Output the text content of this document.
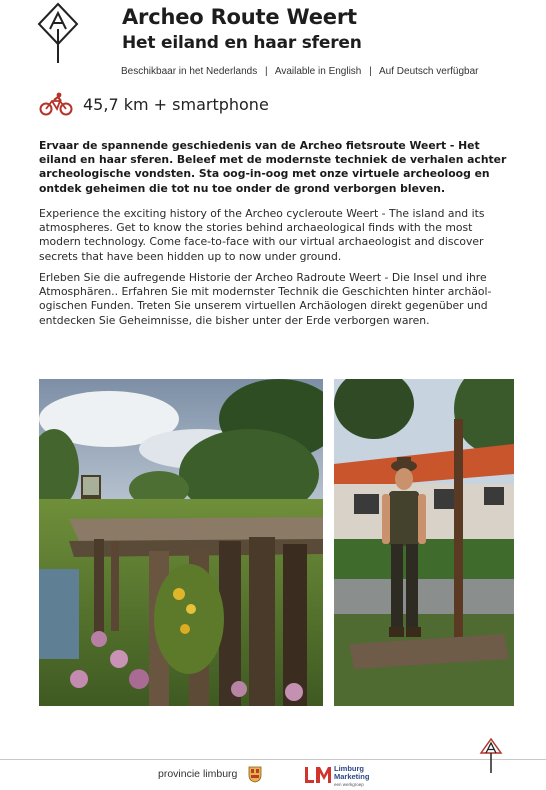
Archeo Route Weert
Het eiland en haar sferen
Beschikbaar in het Nederlands | Available in English | Auf Deutsch verfügbar
45,7 km + smartphone

Ervaar de spannende geschiedenis van de Archeo fietsroute Weert - Het eiland en haar sferen. Beleef met de modernste techniek de verhalen achter archeologische vondsten. Sta oog-in-oog met onze virtuele archeoloog en ontdek geheimen die tot nu toe onder de grond verborgen bleven.

Experience the exciting history of the Archeo cycleroute Weert - The island and its atmospheres. Get to know the stories behind archaeological finds with the most modern technology. Come face-to-face with our virtual archaeologist and discover secrets that have been hidden up to now under ground.

Erleben Sie die aufregende Historie der Archeo Radroute Weert - Die Insel und ihre Atmosphären.. Erfahren Sie mit modernster Technik die Geschichten hinter archäol-ogischen Funden. Treten Sie unserem virtuellen Archäologen direkt gegenüber und entdecken Sie Geheimnisse, die bisher unter der Erde verborgen waren.

provincie limburg	Limburg
Marketing
een werkgroep
